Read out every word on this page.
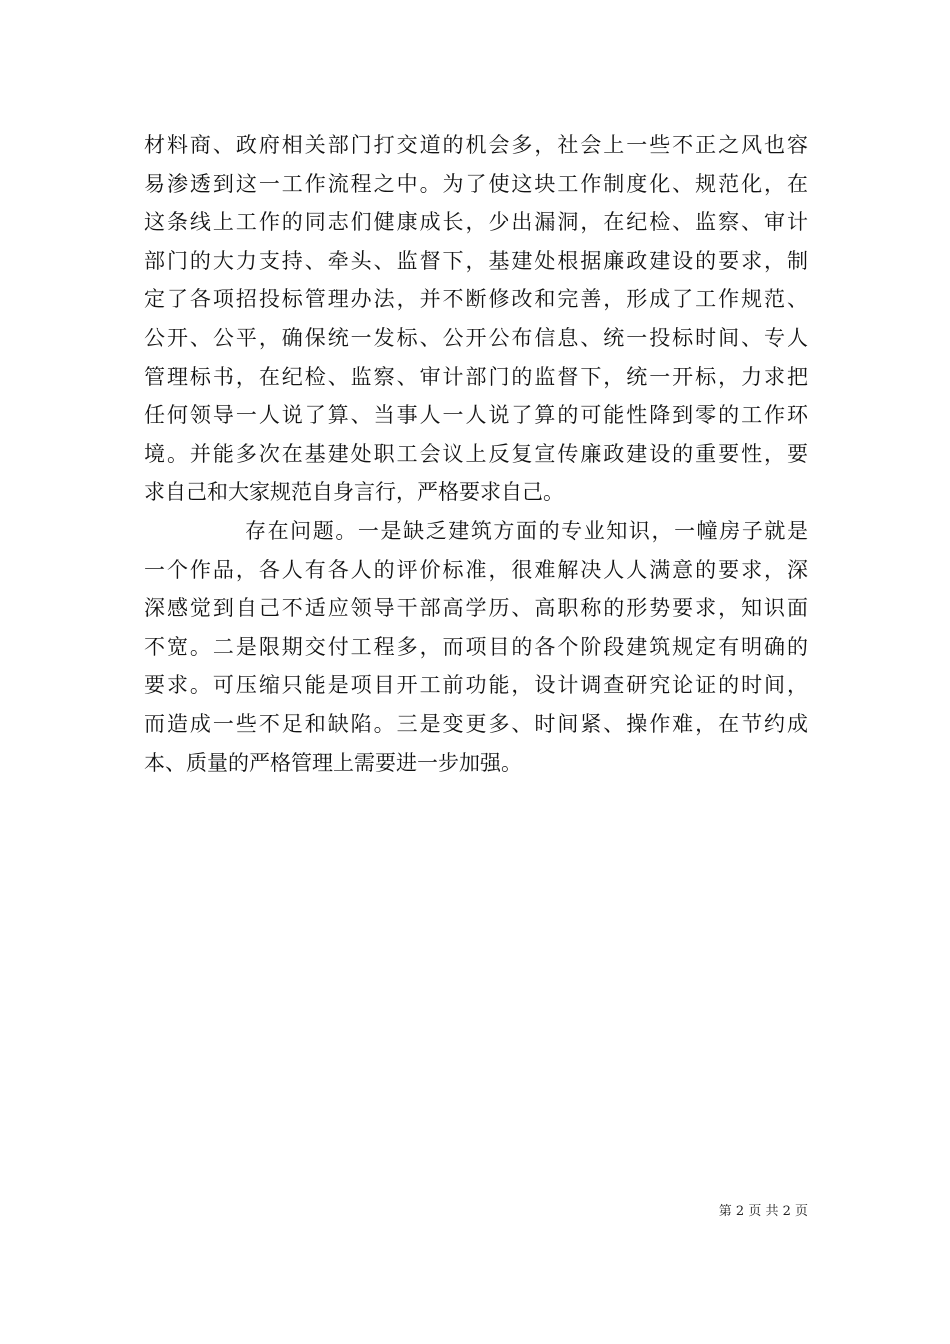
材料商、政府相关部门打交道的机会多，社会上一些不正之风也容
易渗透到这一工作流程之中。为了使这块工作制度化、规范化，在
这条线上工作的同志们健康成长，少出漏洞，在纪检、监察、审计
部门的大力支持、牵头、监督下，基建处根据廉政建设的要求，制
定了各项招投标管理办法，并不断修改和完善，形成了工作规范、
公开、公平，确保统一发标、公开公布信息、统一投标时间、专人
管理标书，在纪检、监察、审计部门的监督下，统一开标，力求把
任何领导一人说了算、当事人一人说了算的可能性降到零的工作环
境。并能多次在基建处职工会议上反复宣传廉政建设的重要性，要
求自己和大家规范自身言行，严格要求自己。
存在问题。一是缺乏建筑方面的专业知识，一幢房子就是
一个作品，各人有各人的评价标准，很难解决人人满意的要求，深
深感觉到自己不适应领导干部高学历、高职称的形势要求，知识面
不宽。二是限期交付工程多，而项目的各个阶段建筑规定有明确的
要求。可压缩只能是项目开工前功能，设计调查研究论证的时间，
而造成一些不足和缺陷。三是变更多、时间紧、操作难，在节约成
本、质量的严格管理上需要进一步加强。
第 2 页 共 2 页
